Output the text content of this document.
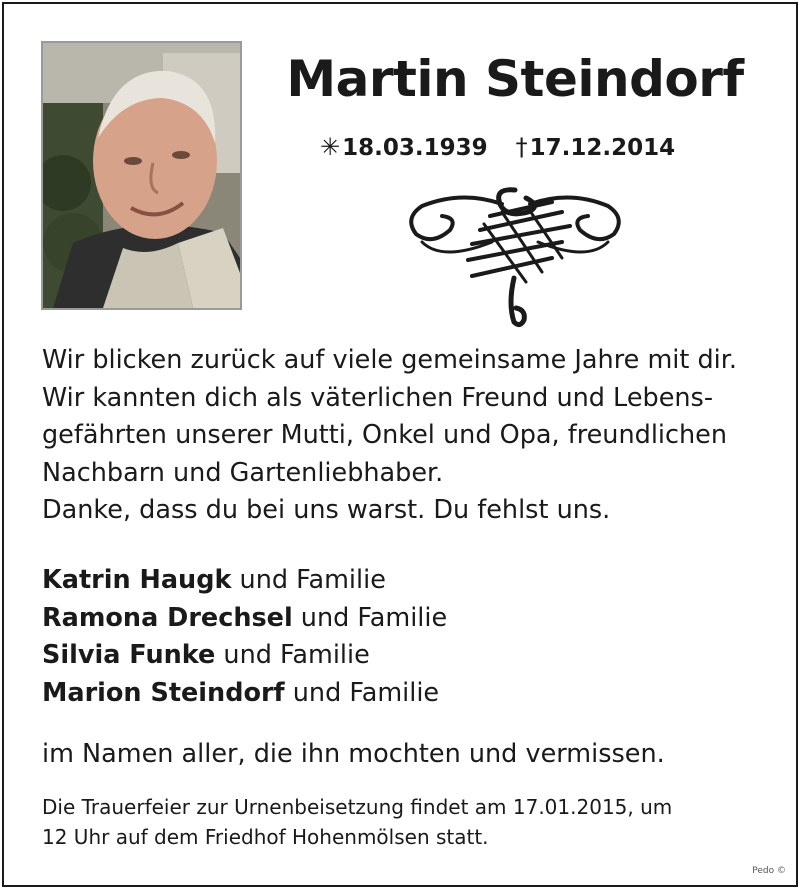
Martin Steindorf
✳18.03.1939 †17.12.2014
Wir blicken zurück auf viele gemeinsame Jahre mit dir.
Wir kannten dich als väterlichen Freund und Lebens-
gefährten unserer Mutti, Onkel und Opa, freundlichen
Nachbarn und Gartenliebhaber.
Danke, dass du bei uns warst. Du fehlst uns.
Katrin Haugk und Familie
Ramona Drechsel und Familie
Silvia Funke und Familie
Marion Steindorf und Familie
im Namen aller, die ihn mochten und vermissen.
Die Trauerfeier zur Urnenbeisetzung findet am 17.01.2015, um
12 Uhr auf dem Friedhof Hohenmölsen statt.
Pedo ©
